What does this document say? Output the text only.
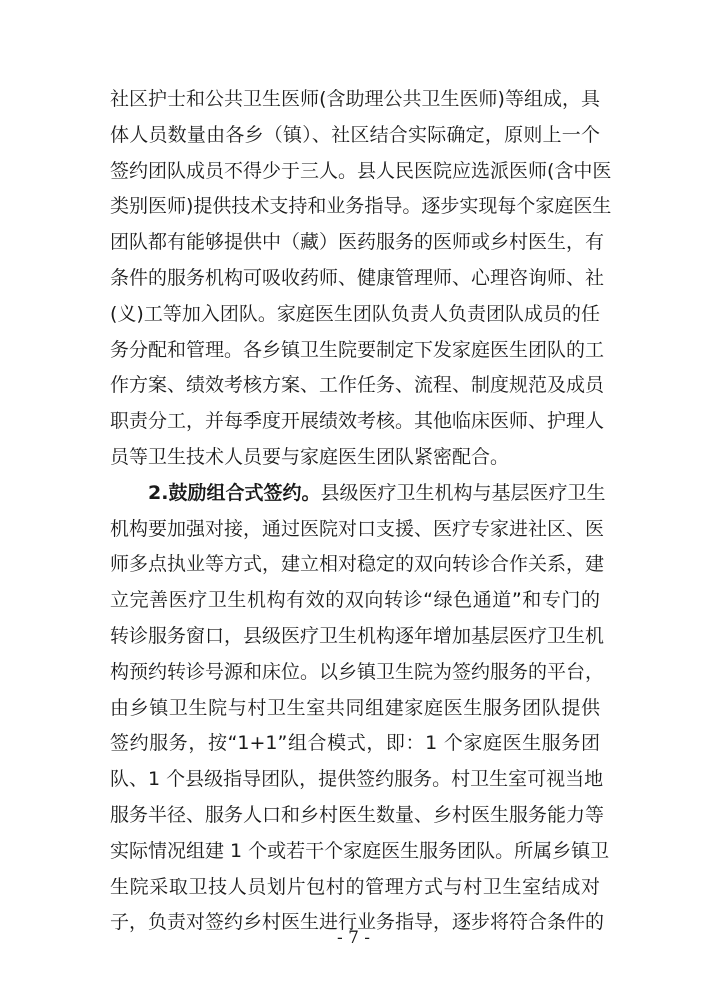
社区护士和公共卫生医师(含助理公共卫生医师)等组成，具
体人员数量由各乡（镇）、社区结合实际确定，原则上一个
签约团队成员不得少于三人。县人民医院应选派医师(含中医
类别医师)提供技术支持和业务指导。逐步实现每个家庭医生
团队都有能够提供中（藏）医药服务的医师或乡村医生，有
条件的服务机构可吸收药师、健康管理师、心理咨询师、社
(义)工等加入团队。家庭医生团队负责人负责团队成员的任
务分配和管理。各乡镇卫生院要制定下发家庭医生团队的工
作方案、绩效考核方案、工作任务、流程、制度规范及成员
职责分工，并每季度开展绩效考核。其他临床医师、护理人
员等卫生技术人员要与家庭医生团队紧密配合。
2.鼓励组合式签约。县级医疗卫生机构与基层医疗卫生
机构要加强对接，通过医院对口支援、医疗专家进社区、医
师多点执业等方式，建立相对稳定的双向转诊合作关系，建
立完善医疗卫生机构有效的双向转诊“绿色通道”和专门的
转诊服务窗口，县级医疗卫生机构逐年增加基层医疗卫生机
构预约转诊号源和床位。以乡镇卫生院为签约服务的平台，
由乡镇卫生院与村卫生室共同组建家庭医生服务团队提供
签约服务，按“1+1”组合模式，即：1 个家庭医生服务团
队、1 个县级指导团队，提供签约服务。村卫生室可视当地
服务半径、服务人口和乡村医生数量、乡村医生服务能力等
实际情况组建 1 个或若干个家庭医生服务团队。所属乡镇卫
生院采取卫技人员划片包村的管理方式与村卫生室结成对
子，负责对签约乡村医生进行业务指导，逐步将符合条件的
- 7 -
